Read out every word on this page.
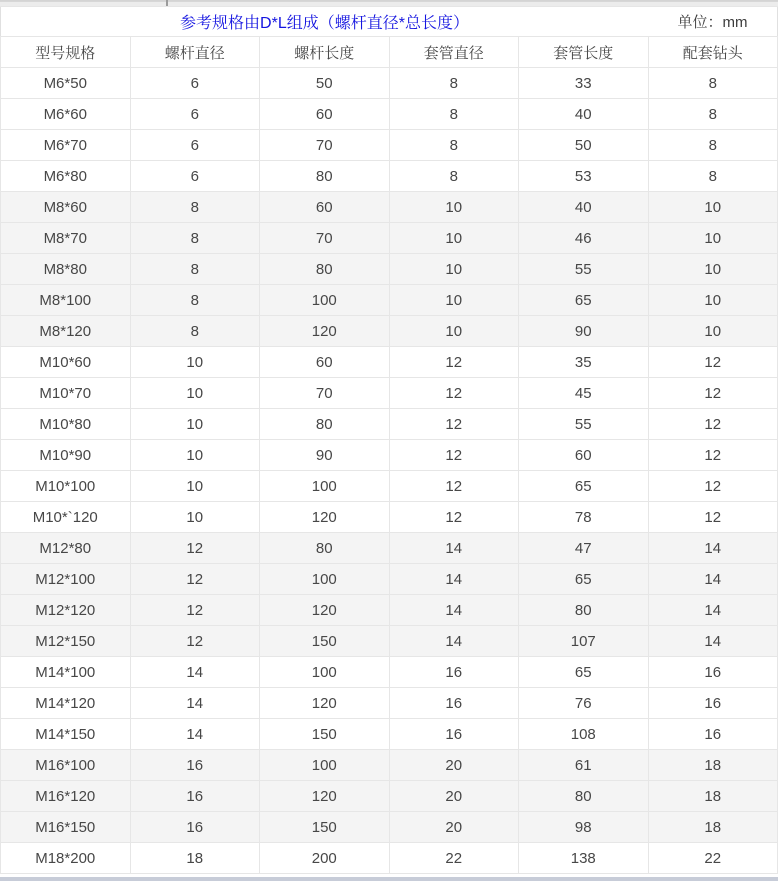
参考规格由D*L组成（螺杆直径*总长度）					单位：mm
型号规格	螺杆直径	螺杆长度	套管直径	套管长度	配套钻头
M6*50	6	50	8	33	8
M6*60	6	60	8	40	8
M6*70	6	70	8	50	8
M6*80	6	80	8	53	8
M8*60	8	60	10	40	10
M8*70	8	70	10	46	10
M8*80	8	80	10	55	10
M8*100	8	100	10	65	10
M8*120	8	120	10	90	10
M10*60	10	60	12	35	12
M10*70	10	70	12	45	12
M10*80	10	80	12	55	12
M10*90	10	90	12	60	12
M10*100	10	100	12	65	12
M10*`120	10	120	12	78	12
M12*80	12	80	14	47	14
M12*100	12	100	14	65	14
M12*120	12	120	14	80	14
M12*150	12	150	14	107	14
M14*100	14	100	16	65	16
M14*120	14	120	16	76	16
M14*150	14	150	16	108	16
M16*100	16	100	20	61	18
M16*120	16	120	20	80	18
M16*150	16	150	20	98	18
M18*200	18	200	22	138	22
